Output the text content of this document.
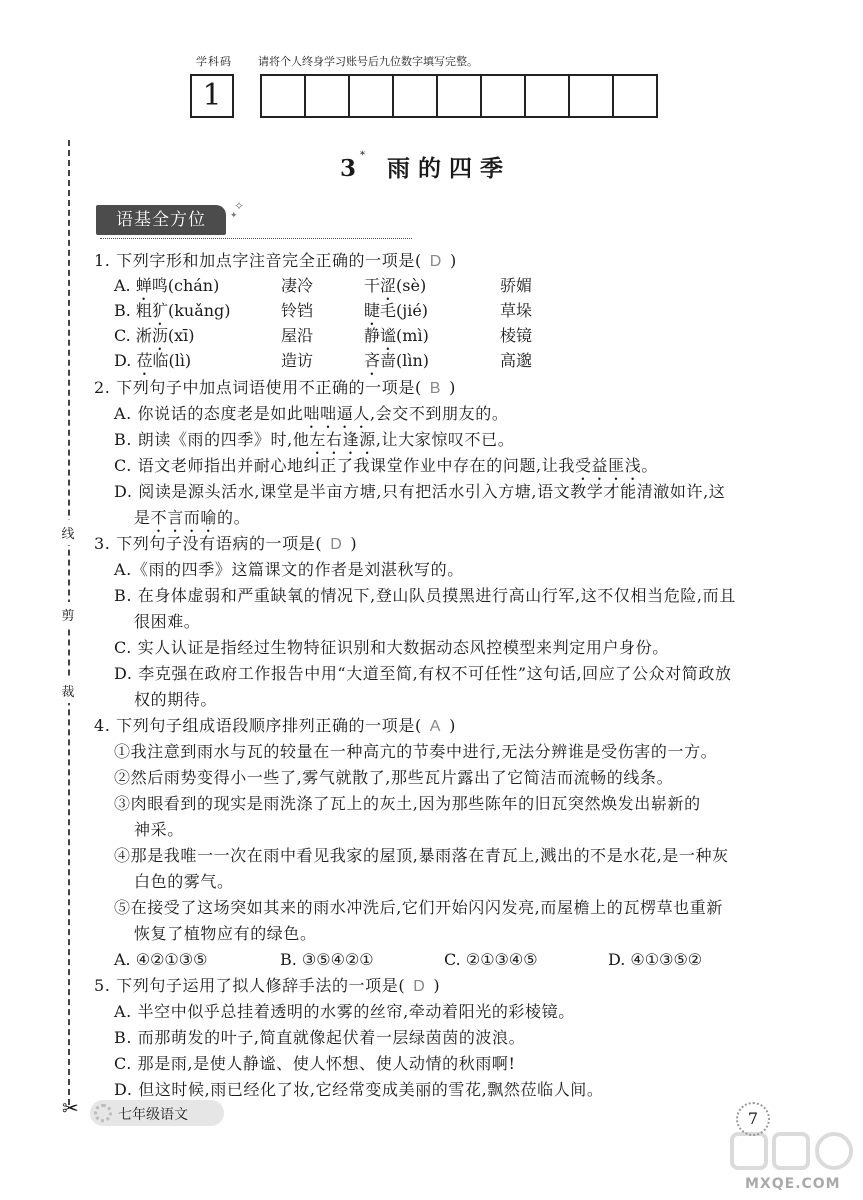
学科码 请将个人终身学习账号后九位数字填写完整。
1
3 * 雨的四季
语基全方位
✧
✦
线
剪
裁
1. 下列字形和加点字注音完全正确的一项是( D )
A. 蝉鸣(chán)	凄冷	干涩(sè)	骄媚
B. 粗犷(kuǎng)	铃铛	睫毛(jié)	草垛
C. 淅沥(xī)	屋沿	静谧(mì)	棱镜
D. 莅临(lì)	造访	吝啬(lìn)	高邈
2. 下列句子中加点词语使用不正确的一项是( B )
A. 你说话的态度老是如此咄咄逼人,会交不到朋友的。
B. 朗读《雨的四季》时,他左右逢源,让大家惊叹不已。
C. 语文老师指出并耐心地纠正了我课堂作业中存在的问题,让我受益匪浅。
D. 阅读是源头活水,课堂是半亩方塘,只有把活水引入方塘,语文教学才能清澈如许,这
是不言而喻的。
3. 下列句子没有语病的一项是( D )
A.《雨的四季》这篇课文的作者是刘湛秋写的。
B. 在身体虚弱和严重缺氧的情况下,登山队员摸黑进行高山行军,这不仅相当危险,而且
很困难。
C. 实人认证是指经过生物特征识别和大数据动态风控模型来判定用户身份。
D. 李克强在政府工作报告中用“大道至简,有权不可任性”这句话,回应了公众对简政放
权的期待。
4. 下列句子组成语段顺序排列正确的一项是( A )
①我注意到雨水与瓦的较量在一种高亢的节奏中进行,无法分辨谁是受伤害的一方。
②然后雨势变得小一些了,雾气就散了,那些瓦片露出了它简洁而流畅的线条。
③肉眼看到的现实是雨洗涤了瓦上的灰土,因为那些陈年的旧瓦突然焕发出崭新的
神采。
④那是我唯一一次在雨中看见我家的屋顶,暴雨落在青瓦上,溅出的不是水花,是一种灰
白色的雾气。
⑤在接受了这场突如其来的雨水冲洗后,它们开始闪闪发亮,而屋檐上的瓦楞草也重新
恢复了植物应有的绿色。
A. ④②①③⑤	B. ③⑤④②①	C. ②①③④⑤	D. ④①③⑤②
5. 下列句子运用了拟人修辞手法的一项是( D )
A. 半空中似乎总挂着透明的水雾的丝帘,牵动着阳光的彩棱镜。
B. 而那萌发的叶子,简直就像起伏着一层绿茵茵的波浪。
C. 那是雨,是使人静谧、使人怀想、使人动情的秋雨啊!
D. 但这时候,雨已经化了妆,它经常变成美丽的雪花,飘然莅临人间。
✂	七年级语文	7
MXQE.COM
